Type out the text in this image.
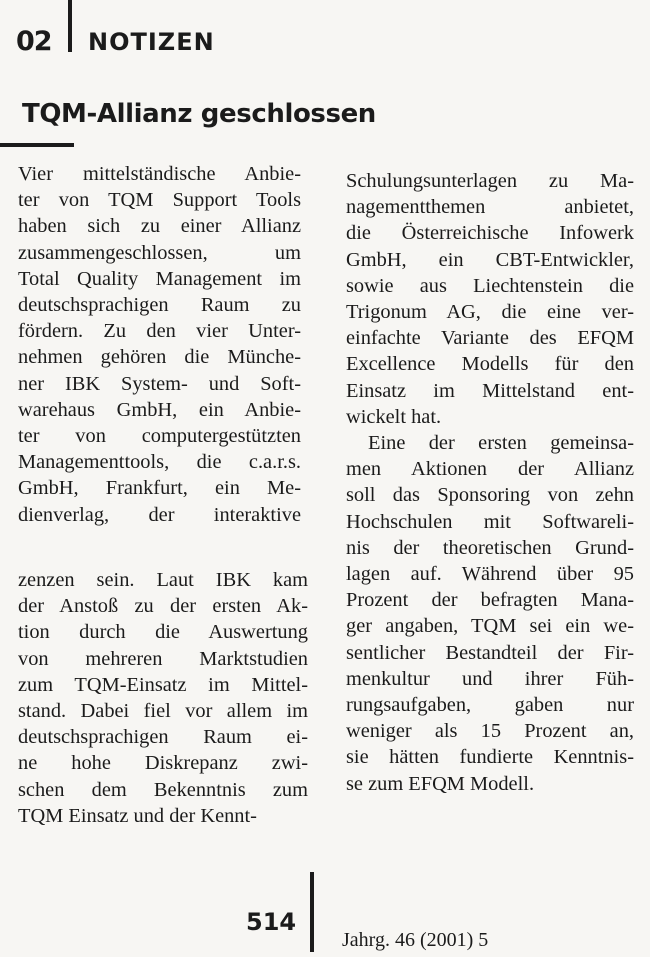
02 NOTIZEN
TQM-Allianz geschlossen
Vier mittelständische Anbie-
ter von TQM Support Tools
haben sich zu einer Allianz
zusammengeschlossen, um
Total Quality Management im
deutschsprachigen Raum zu
fördern. Zu den vier Unter-
nehmen gehören die Münche-
ner IBK System- und Soft-
warehaus GmbH, ein Anbie-
ter von computergestützten
Managementtools, die c.a.r.s.
GmbH, Frankfurt, ein Me-
dienverlag, der interaktive
zenzen sein. Laut IBK kam
der Anstoß zu der ersten Ak-
tion durch die Auswertung
von mehreren Marktstudien
zum TQM-Einsatz im Mittel-
stand. Dabei fiel vor allem im
deutschsprachigen Raum ei-
ne hohe Diskrepanz zwi-
schen dem Bekenntnis zum
TQM Einsatz und der Kennt-
Schulungsunterlagen zu Ma-
nagementthemen anbietet,
die Österreichische Infowerk
GmbH, ein CBT-Entwickler,
sowie aus Liechtenstein die
Trigonum AG, die eine ver-
einfachte Variante des EFQM
Excellence Modells für den
Einsatz im Mittelstand ent-
wickelt hat.
Eine der ersten gemeinsa-
men Aktionen der Allianz
soll das Sponsoring von zehn
Hochschulen mit Softwareli-
nis der theoretischen Grund-
lagen auf. Während über 95
Prozent der befragten Mana-
ger angaben, TQM sei ein we-
sentlicher Bestandteil der Fir-
menkultur und ihrer Füh-
rungsaufgaben, gaben nur
weniger als 15 Prozent an,
sie hätten fundierte Kenntnis-
se zum EFQM Modell.
514
Jahrg. 46 (2001) 5
